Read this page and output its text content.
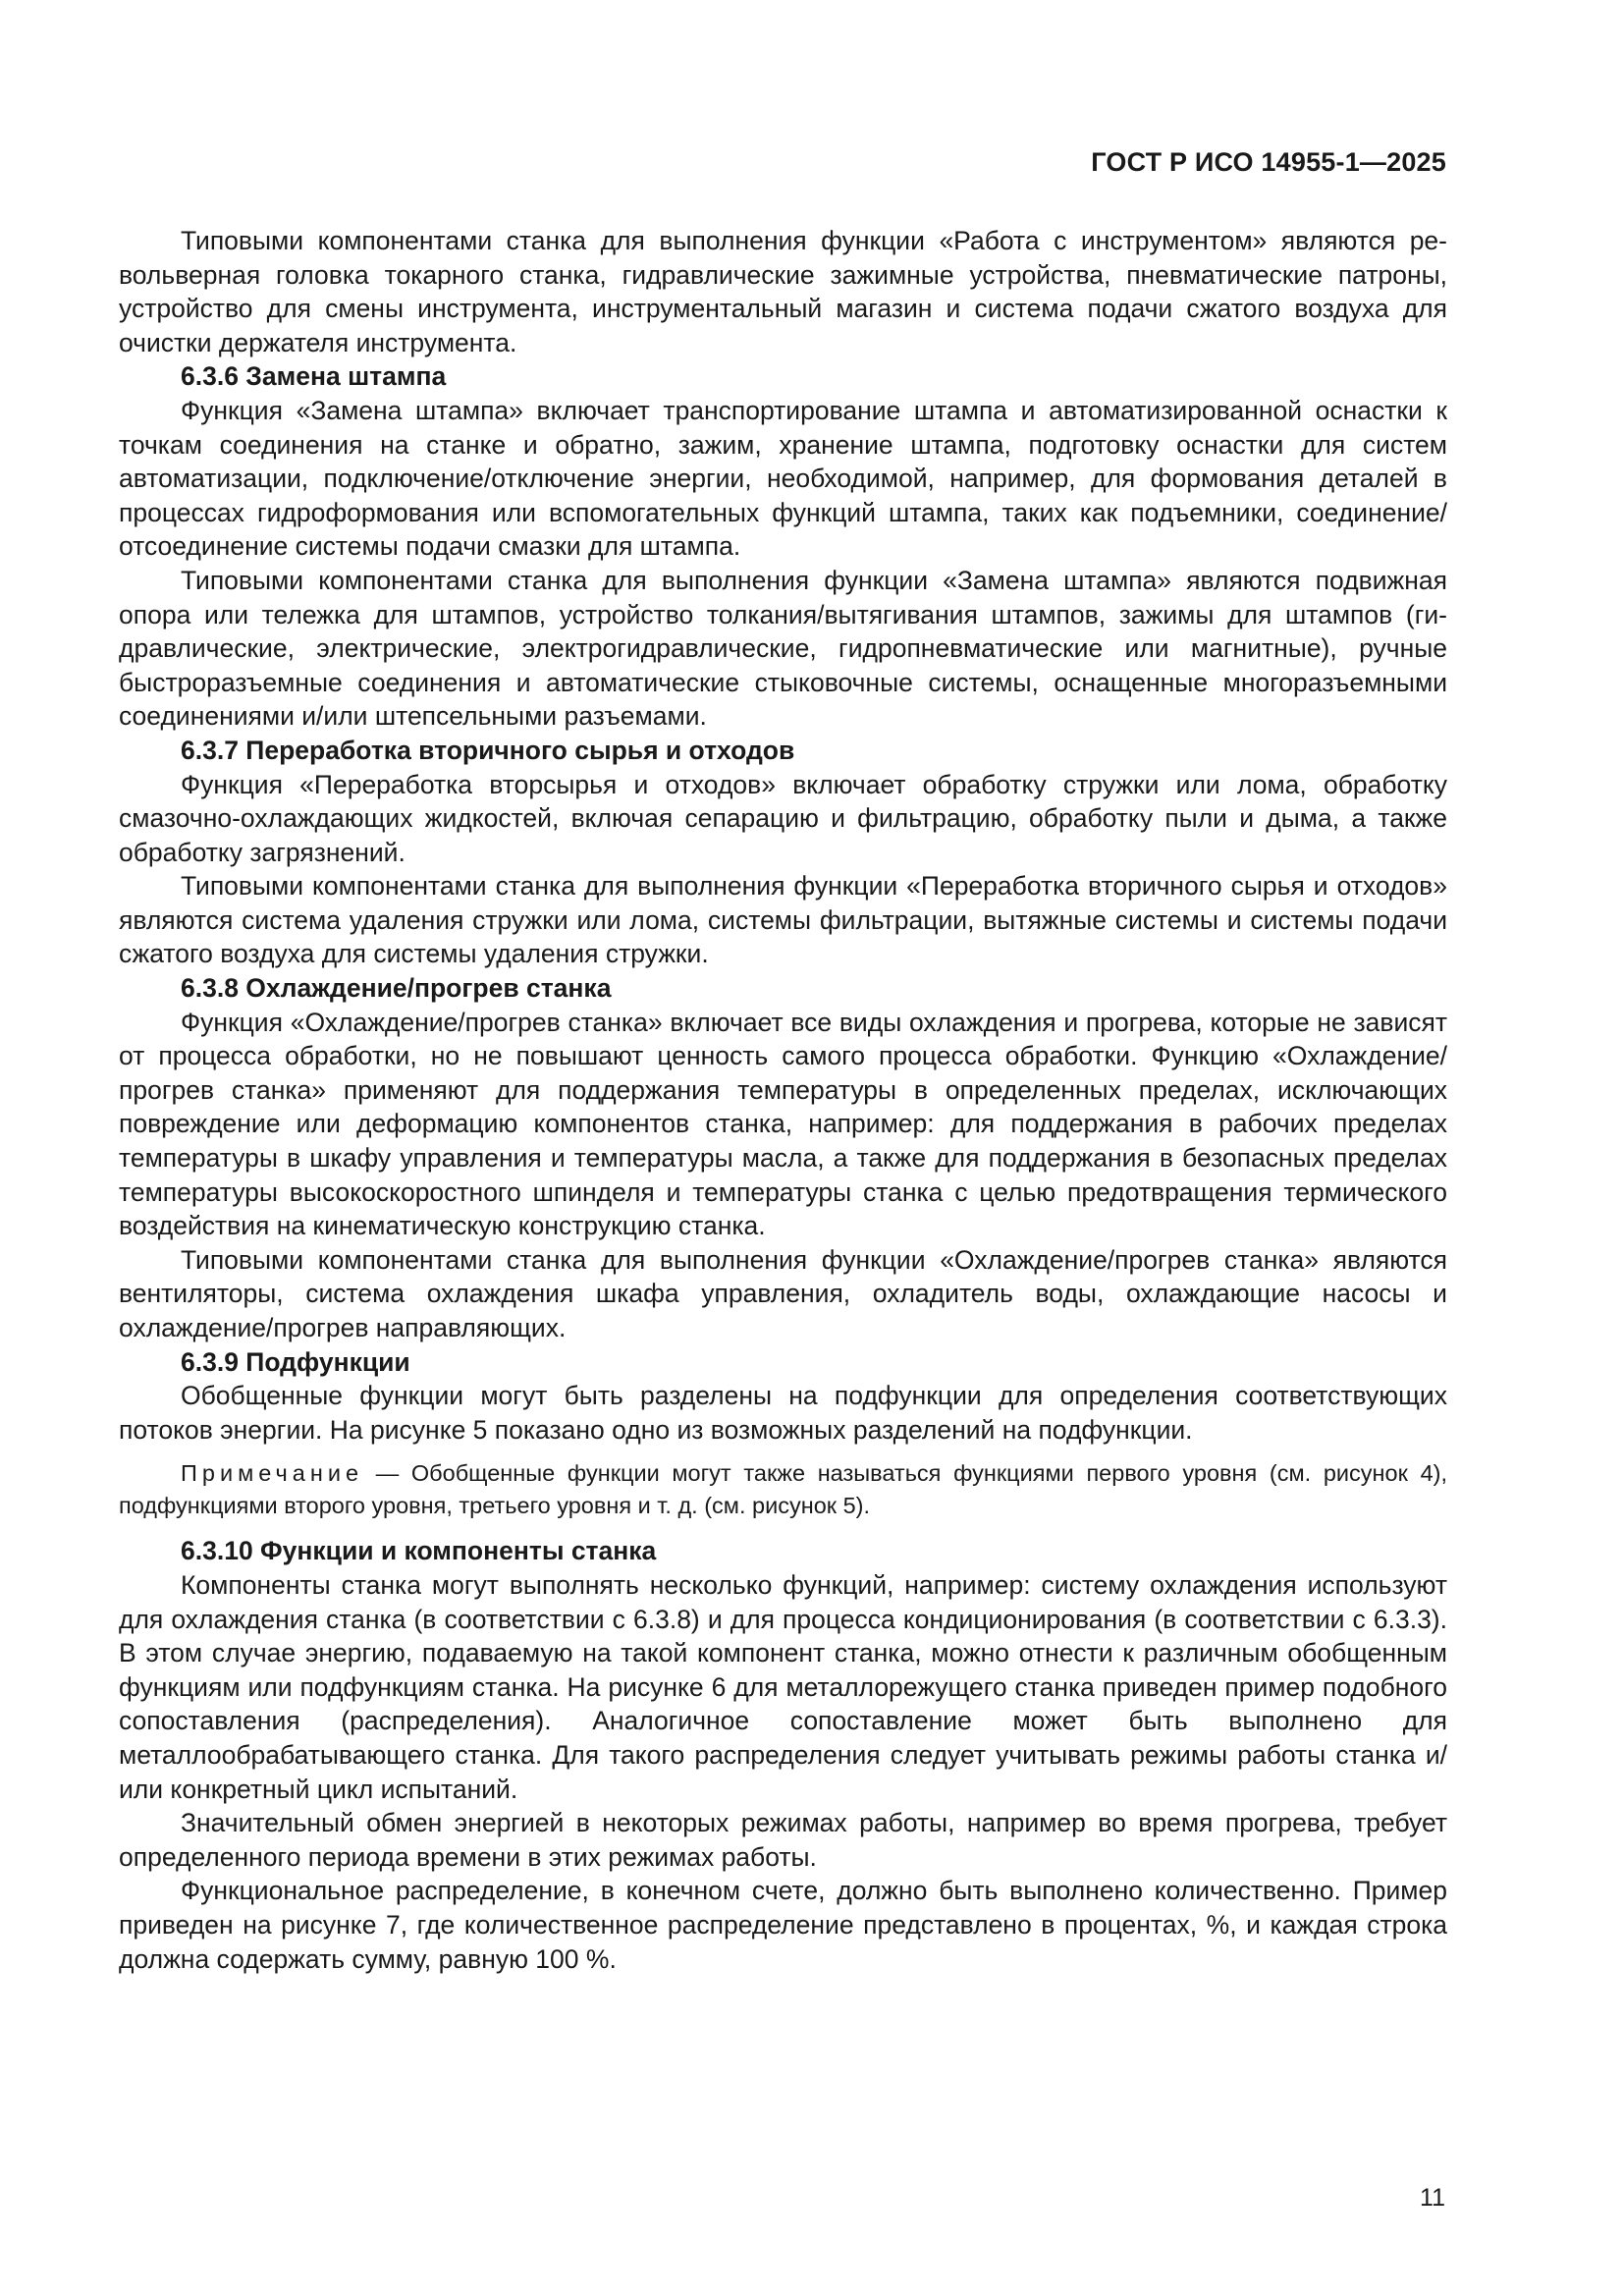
ГОСТ Р ИСО 14955-1—2025

Типовыми компонентами станка для выполнения функции «Работа с инструментом» являются револьверная головка токарного станка, гидравлические зажимные устройства, пневматические патроны, устройство для смены инструмента, инструментальный магазин и система подачи сжатого воздуха для очистки держателя инструмента.

6.3.6 Замена штампа

Функция «Замена штампа» включает транспортирование штампа и автоматизированной оснастки к точкам соединения на станке и обратно, зажим, хранение штампа, подготовку оснастки для систем автоматизации, подключение/отключение энергии, необходимой, например, для формования деталей в процессах гидроформования или вспомогательных функций штампа, таких как подъемники, соединение/отсоединение системы подачи смазки для штампа.

Типовыми компонентами станка для выполнения функции «Замена штампа» являются подвижная опора или тележка для штампов, устройство толкания/вытягивания штампов, зажимы для штампов (гидравлические, электрические, электрогидравлические, гидропневматические или магнитные), ручные быстроразъемные соединения и автоматические стыковочные системы, оснащенные многоразъемными соединениями и/или штепсельными разъемами.

6.3.7 Переработка вторичного сырья и отходов

Функция «Переработка вторсырья и отходов» включает обработку стружки или лома, обработку смазочно-охлаждающих жидкостей, включая сепарацию и фильтрацию, обработку пыли и дыма, а также обработку загрязнений.

Типовыми компонентами станка для выполнения функции «Переработка вторичного сырья и отходов» являются система удаления стружки или лома, системы фильтрации, вытяжные системы и системы подачи сжатого воздуха для системы удаления стружки.

6.3.8 Охлаждение/прогрев станка

Функция «Охлаждение/прогрев станка» включает все виды охлаждения и прогрева, которые не зависят от процесса обработки, но не повышают ценность самого процесса обработки. Функцию «Охлаждение/прогрев станка» применяют для поддержания температуры в определенных пределах, исключающих повреждение или деформацию компонентов станка, например: для поддержания в рабочих пределах температуры в шкафу управления и температуры масла, а также для поддержания в безопасных пределах температуры высокоскоростного шпинделя и температуры станка с целью предотвращения термического воздействия на кинематическую конструкцию станка.

Типовыми компонентами станка для выполнения функции «Охлаждение/прогрев станка» являются вентиляторы, система охлаждения шкафа управления, охладитель воды, охлаждающие насосы и охлаждение/прогрев направляющих.

6.3.9 Подфункции

Обобщенные функции могут быть разделены на подфункции для определения соответствующих потоков энергии. На рисунке 5 показано одно из возможных разделений на подфункции.

Примечание — Обобщенные функции могут также называться функциями первого уровня (см. рисунок 4), подфункциями второго уровня, третьего уровня и т. д. (см. рисунок 5).

6.3.10 Функции и компоненты станка

Компоненты станка могут выполнять несколько функций, например: систему охлаждения используют для охлаждения станка (в соответствии с 6.3.8) и для процесса кондиционирования (в соответствии с 6.3.3). В этом случае энергию, подаваемую на такой компонент станка, можно отнести к различным обобщенным функциям или подфункциям станка. На рисунке 6 для металлорежущего станка приведен пример подобного сопоставления (распределения). Аналогичное сопоставление может быть выполнено для металлообрабатывающего станка. Для такого распределения следует учитывать режимы работы станка и/или конкретный цикл испытаний.

Значительный обмен энергией в некоторых режимах работы, например во время прогрева, требует определенного периода времени в этих режимах работы.

Функциональное распределение, в конечном счете, должно быть выполнено количественно. Пример приведен на рисунке 7, где количественное распределение представлено в процентах, %, и каждая строка должна содержать сумму, равную 100 %.

11
